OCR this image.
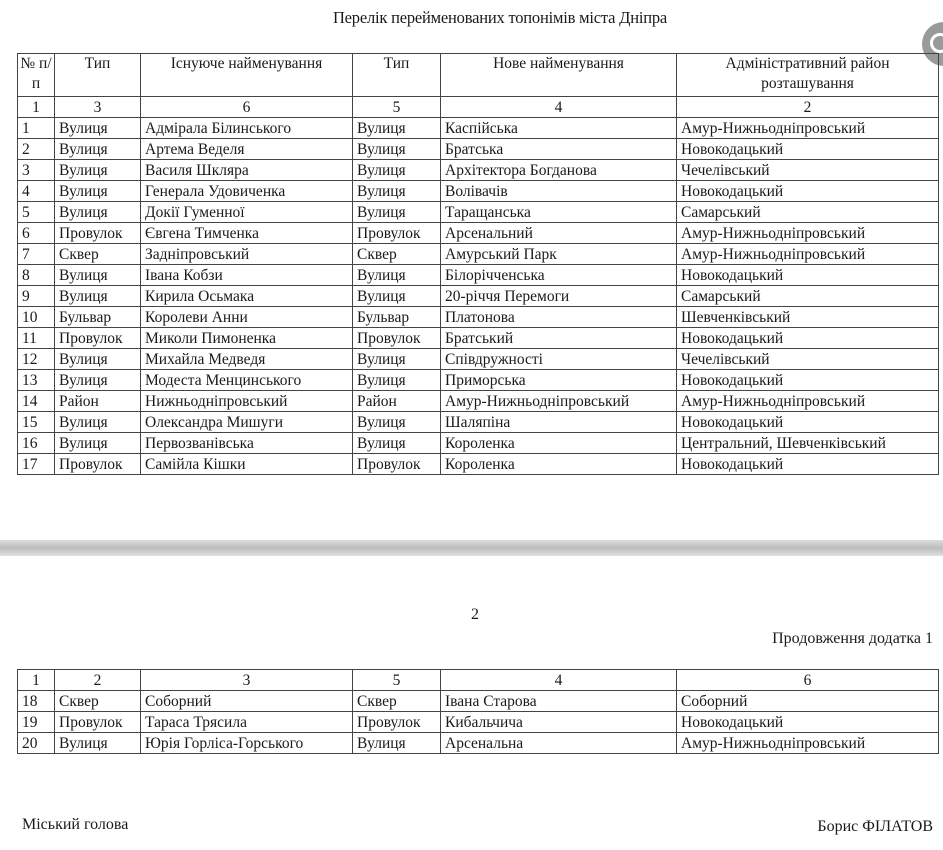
Перелік перейменованих топонімів міста Дніпра
№ п/п	Тип	Існуюче найменування	Тип	Нове найменування	Адміністративний район розташування
1	3	6	5	4	2
1	Вулиця	Адмірала Білинського	Вулиця	Каспійська	Амур-Нижньодніпровський
2	Вулиця	Артема Веделя	Вулиця	Братська	Новокодацький
3	Вулиця	Василя Шкляра	Вулиця	Архітектора Богданова	Чечелівський
4	Вулиця	Генерала Удовиченка	Вулиця	Волівачів	Новокодацький
5	Вулиця	Докії Гуменної	Вулиця	Таращанська	Самарський
6	Провулок	Євгена Тимченка	Провулок	Арсенальний	Амур-Нижньодніпровський
7	Сквер	Задніпровський	Сквер	Амурський Парк	Амур-Нижньодніпровський
8	Вулиця	Івана Кобзи	Вулиця	Білорічченська	Новокодацький
9	Вулиця	Кирила Осьмака	Вулиця	20-річчя Перемоги	Самарський
10	Бульвар	Королеви Анни	Бульвар	Платонова	Шевченківський
11	Провулок	Миколи Пимоненка	Провулок	Братський	Новокодацький
12	Вулиця	Михайла Медведя	Вулиця	Співдружності	Чечелівський
13	Вулиця	Модеста Менцинського	Вулиця	Приморська	Новокодацький
14	Район	Нижньодніпровський	Район	Амур-Нижньодніпровський	Амур-Нижньодніпровський
15	Вулиця	Олександра Мишуги	Вулиця	Шаляпіна	Новокодацький
16	Вулиця	Первозванівська	Вулиця	Короленка	Центральний, Шевченківський
17	Провулок	Самійла Кішки	Провулок	Короленка	Новокодацький
2
Продовження додатка 1
1	2	3	5	4	6
18	Сквер	Соборний	Сквер	Івана Старова	Соборний
19	Провулок	Тараса Трясила	Провулок	Кибальчича	Новокодацький
20	Вулиця	Юрія Горліса-Горського	Вулиця	Арсенальна	Амур-Нижньодніпровський
Міський голова	Борис ФІЛАТОВ
